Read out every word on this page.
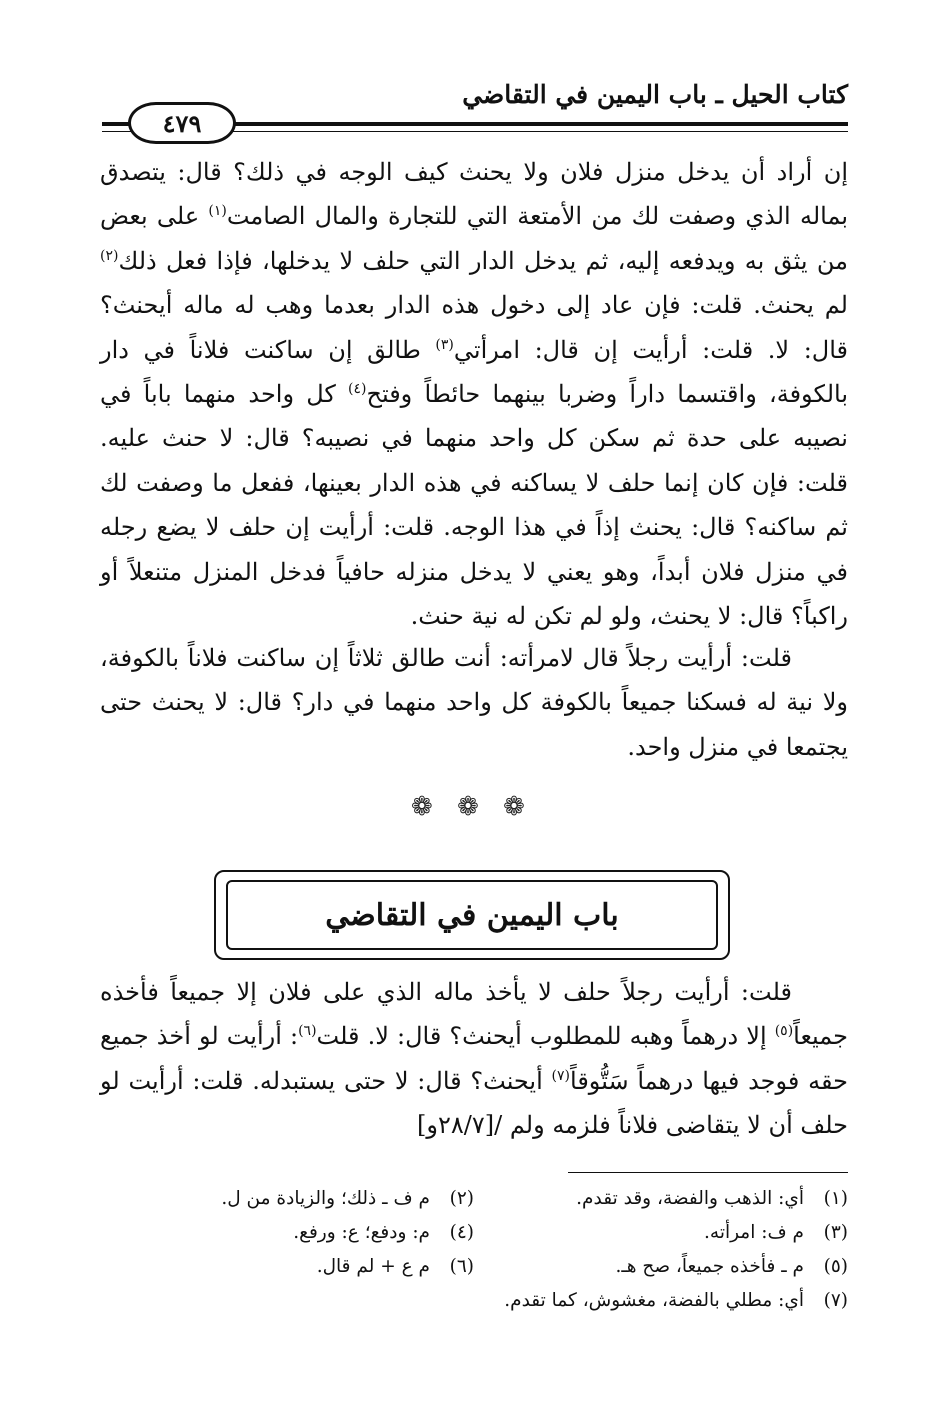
كتاب الحيل ـ باب اليمين في التقاضي
٤٧٩

إن أراد أن يدخل منزل فلان ولا يحنث كيف الوجه في ذلك؟ قال: يتصدق بماله الذي وصفت لك من الأمتعة التي للتجارة والمال الصامت$^{(١)}$ على بعض من يثق به ويدفعه إليه، ثم يدخل الدار التي حلف لا يدخلها، فإذا فعل ذلك$^{(٢)}$ لم يحنث. قلت: فإن عاد إلى دخول هذه الدار بعدما وهب له ماله أيحنث؟ قال: لا. قلت: أرأيت إن قال: امرأتي$^{(٣)}$ طالق إن ساكنت فلاناً في دار بالكوفة، واقتسما داراً وضربا بينهما حائطاً وفتح$^{(٤)}$ كل واحد منهما باباً في نصيبه على حدة ثم سكن كل واحد منهما في نصيبه؟ قال: لا حنث عليه. قلت: فإن كان إنما حلف لا يساكنه في هذه الدار بعينها، ففعل ما وصفت لك ثم ساكنه؟ قال: يحنث إذاً في هذا الوجه. قلت: أرأيت إن حلف لا يضع رجله في منزل فلان أبداً، وهو يعني لا يدخل منزله حافياً فدخل المنزل متنعلاً أو راكباً؟ قال: لا يحنث، ولو لم تكن له نية حنث.

قلت: أرأيت رجلاً قال لامرأته: أنت طالق ثلاثاً إن ساكنت فلاناً بالكوفة، ولا نية له فسكنا جميعاً بالكوفة كل واحد منهما في دار؟ قال: لا يحنث حتى يجتمعا في منزل واحد.

❁ ❁ ❁
باب اليمين في التقاضي

قلت: أرأيت رجلاً حلف لا يأخذ ماله الذي على فلان إلا جميعاً فأخذه جميعاً$^{(٥)}$ إلا درهماً وهبه للمطلوب أيحنث؟ قال: لا. قلت$^{(٦)}$: أرأيت لو أخذ جميع حقه فوجد فيها درهماً سَتُّوقاً$^{(٧)}$ أيحنث؟ قال: لا حتى يستبدله. قلت: أرأيت لو حلف أن لا يتقاضى فلاناً فلزمه ولم /[٢٨/٧و]

(١)أي: الذهب والفضة، وقد تقدم.
(٢)م ف ـ ذلك؛ والزيادة من ل.
(٣)م ف: امرأته.
(٤)م: ودفع؛ ع: ورفع.
(٥)م ـ فأخذه جميعاً، صح هـ.
(٦)م ع + لم قال.
(٧)أي: مطلي بالفضة، مغشوش، كما تقدم.
